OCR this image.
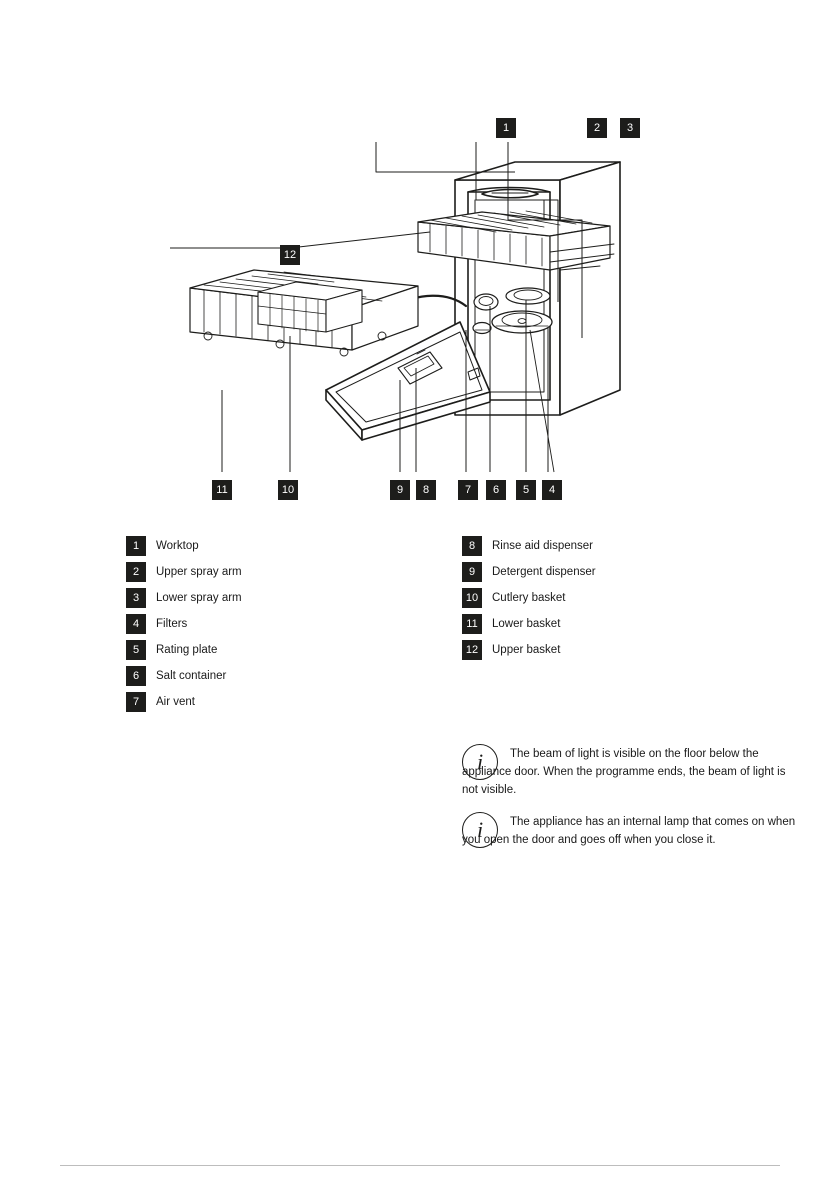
1	2	3
12
11	10	9	8	7	6	5	4
1	Worktop
2	Upper spray arm
3	Lower spray arm
4	Filters
5	Rating plate
6	Salt container
7	Air vent
8	Rinse aid dispenser
9	Detergent dispenser
10	Cutlery basket
11	Lower basket
12	Upper basket
i
The beam of light is visible on the floor below the appliance door. When the programme ends, the beam of light is not visible.
i
The appliance has an internal lamp that comes on when you open the door and goes off when you close it.
